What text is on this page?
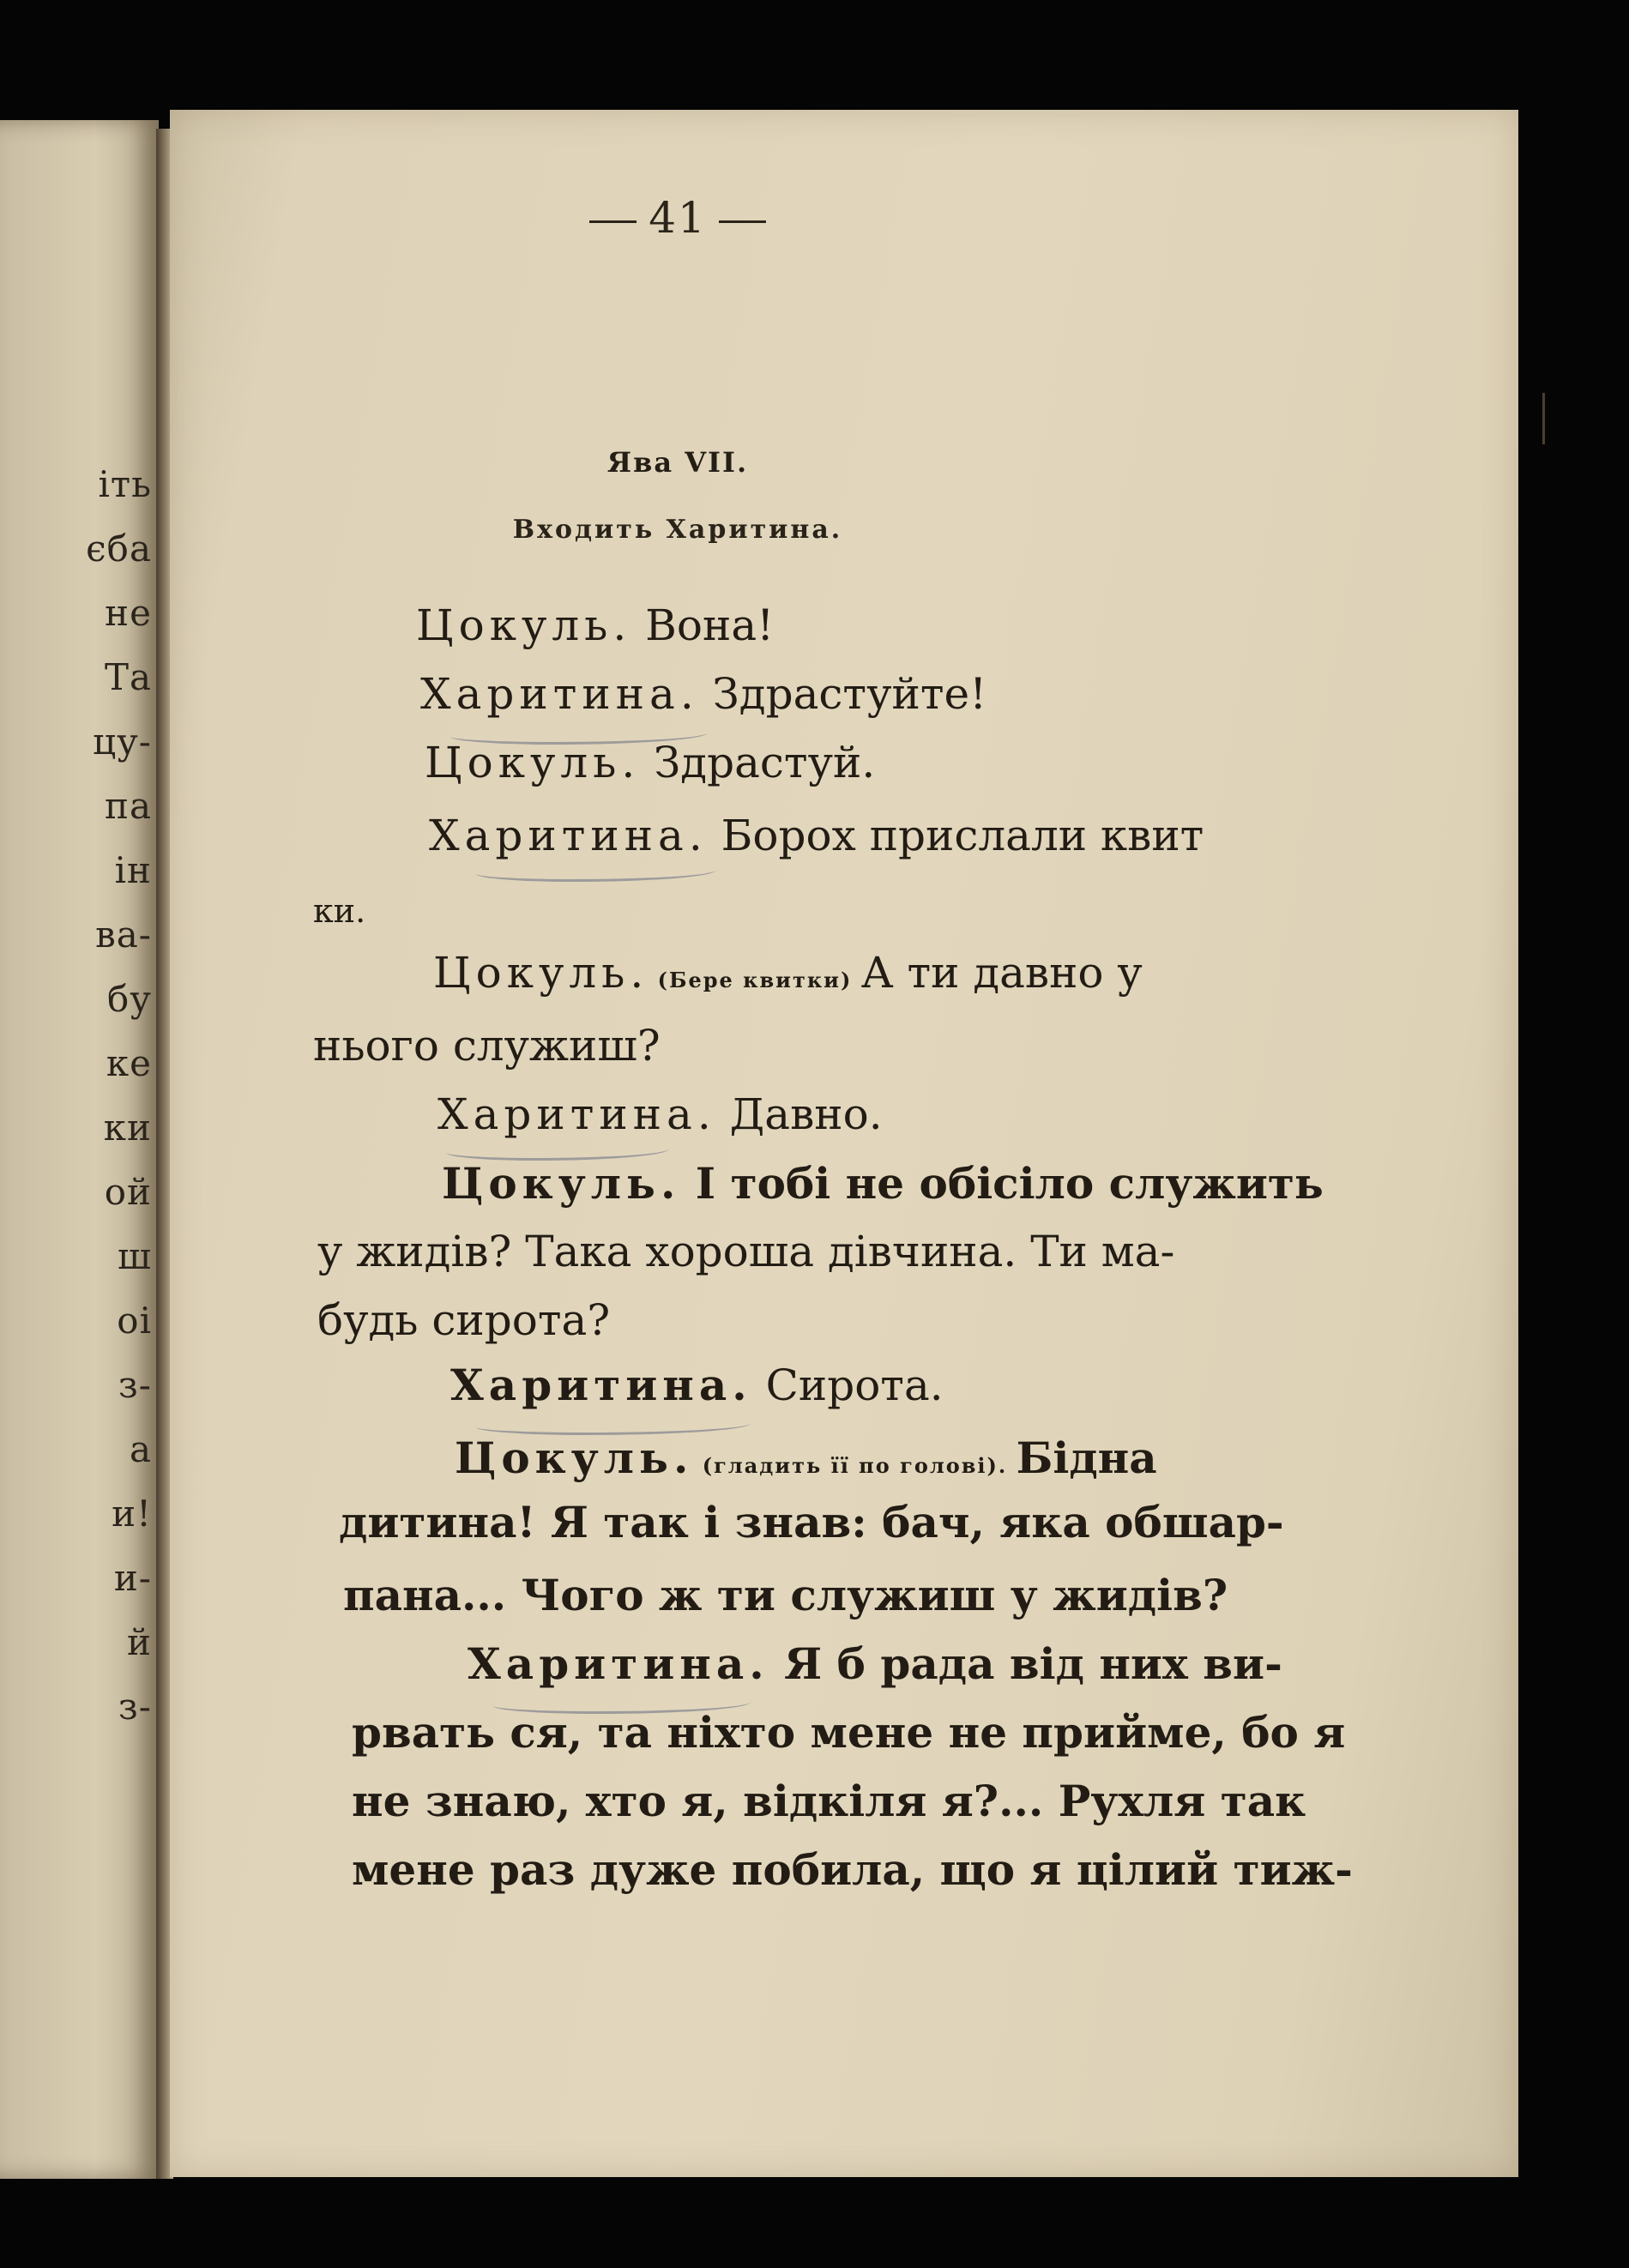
іть
єба
не
Та
цу-
па
ін
ва-
бу
ке
ки
ой
ш
оі
з-
а
и!
и-
й
з-
41
Ява VII.
Входить Харитина.
Цокуль. Вона!
Харитина. Здрастуйте!
Цокуль. Здрастуй.
Харитина. Борох прислали квит
ки.
Цокуль. (Бере квитки) А ти давно у
нього служиш?
Харитина. Давно.
Цокуль. І тобі не обісіло служить
у жидів? Така хороша дівчина. Ти ма-
будь сирота?
Харитина. Сирота.
Цокуль. (гладить її по голові). Бідна
дитина! Я так і знав: бач, яка обшар-
пана... Чого ж ти служиш у жидів?
Харитина. Я б рада від них ви-
рвать ся, та ніхто мене не прийме, бо я
не знаю, хто я, відкіля я?... Рухля так
мене раз дуже побила, що я цілий тиж-
